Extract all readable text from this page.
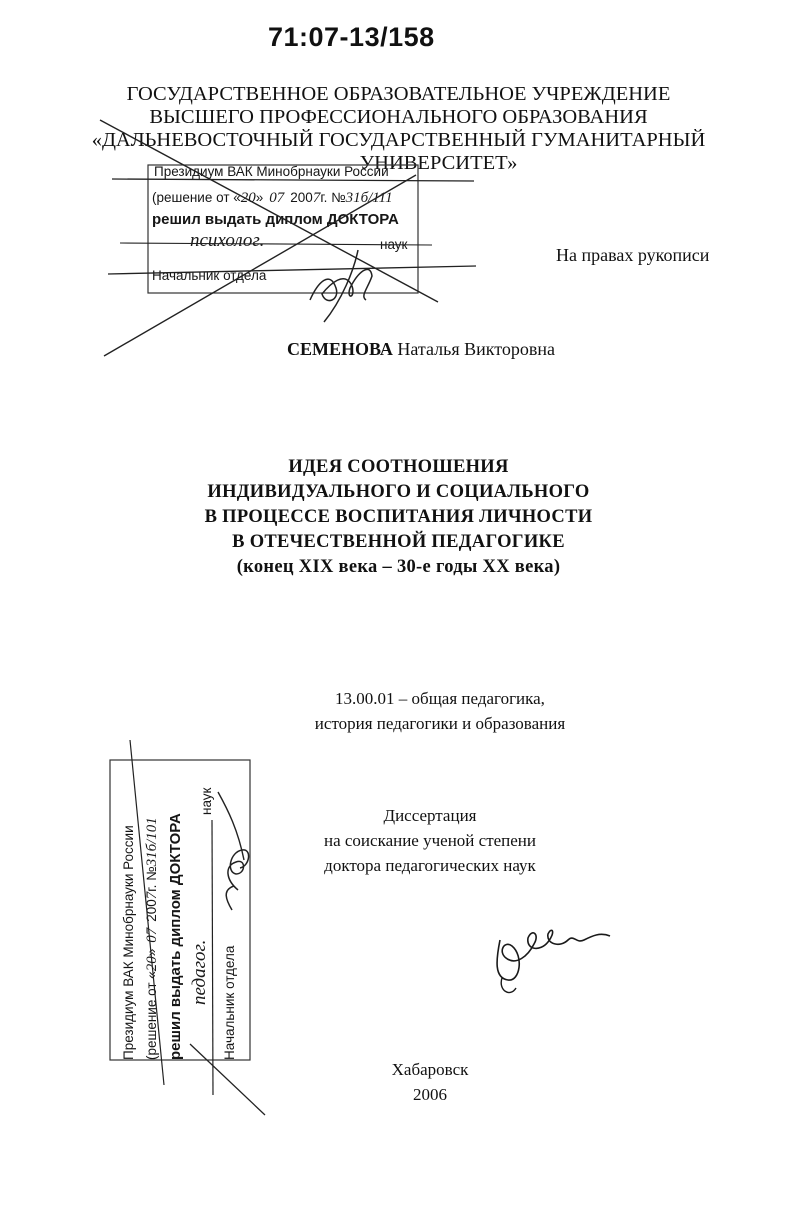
71:07-13/158
ГОСУДАРСТВЕННОЕ ОБРАЗОВАТЕЛЬНОЕ УЧРЕЖДЕНИЕ
ВЫСШЕГО ПРОФЕССИОНАЛЬНОГО ОБРАЗОВАНИЯ
«ДАЛЬНЕВОСТОЧНЫЙ ГОСУДАРСТВЕННЫЙ ГУМАНИТАРНЫЙ
УНИВЕРСИТЕТ»
На правах рукописи
СЕМЕНОВА Наталья Викторовна
ИДЕЯ СООТНОШЕНИЯ
ИНДИВИДУАЛЬНОГО И СОЦИАЛЬНОГО
В ПРОЦЕССЕ ВОСПИТАНИЯ ЛИЧНОСТИ
В ОТЕЧЕСТВЕННОЙ ПЕДАГОГИКЕ
(конец XIX века – 30-е годы XX века)
13.00.01 – общая педагогика,
история педагогики и образования
Диссертация
на соискание ученой степени
доктора педагогических наук
Хабаровск
2006
Президиум ВАК Минобрнауки России
(решение от «20» 07 2007г. №31б/111
решил выдать диплом ДОКТОРА
психолог.	наук
Начальник отдела
Президиум ВАК Минобрнауки России (решение от «20»072007г. №31б/101 решил выдать диплом ДОКТОРА педагог.
наук
Начальник отдела
